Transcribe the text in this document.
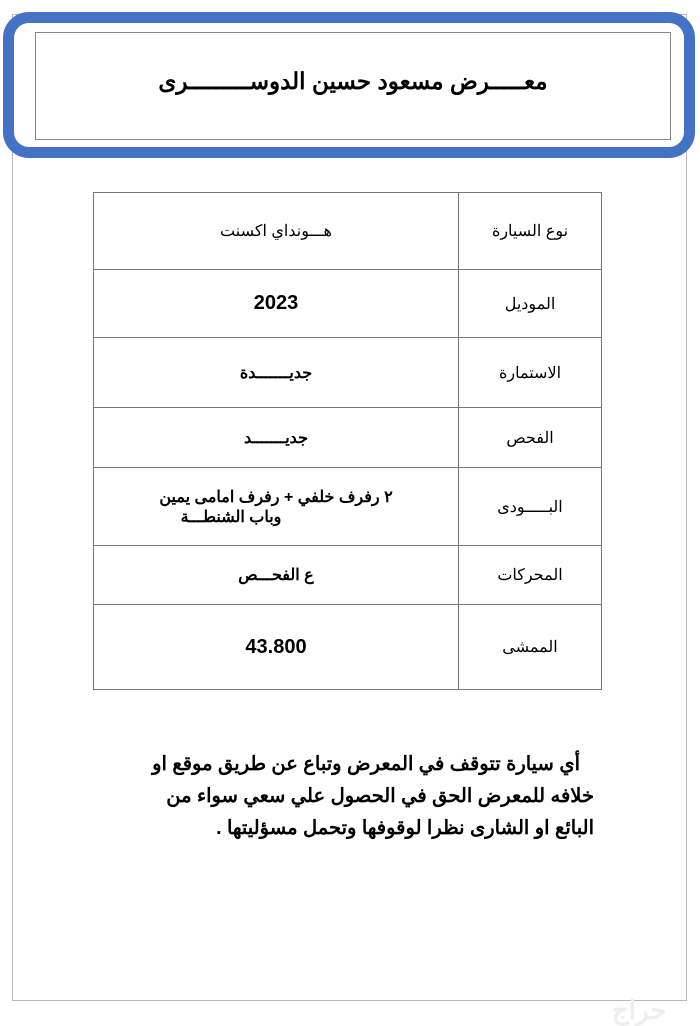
معـــــرض مسعود حسين الدوســـــــــرى
نوع السيارة	هـــونداي اكسنت
الموديل	2023
الاستمارة	جديـــــــدة
الفحص	جديـــــــد
البـــــودى	٢ رفرف خلفي + رفرف امامى يمين
وباب الشنطـــة

المحركات	ع الفحـــص
الممشى	43.800
أي سيارة تتوقف في المعرض وتباع عن طريق موقع او
خلافه للمعرض الحق في الحصول علي سعي سواء من
البائع او الشارى نظرا لوقوفها وتحمل مسؤليتها .
حراج
